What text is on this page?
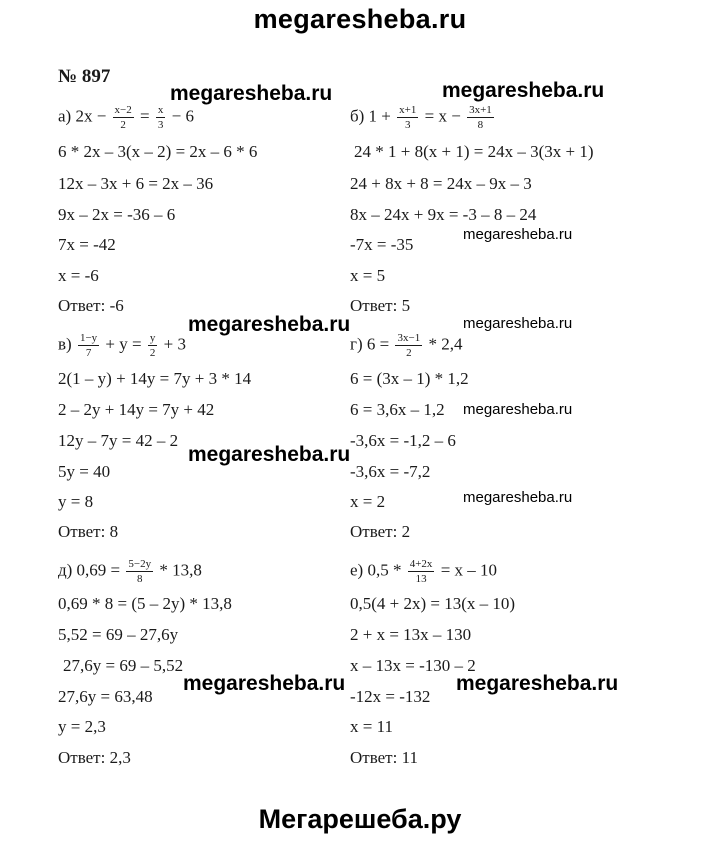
megaresheba.ru
Мегарешеба.ру
megaresheba.ru	megaresheba.ru
megaresheba.ru
megaresheba.ru	megaresheba.ru
megaresheba.ru
megaresheba.ru
megaresheba.ru
megaresheba.ru	megaresheba.ru
№ 897
а) $2x - \frac{x-2}{2} = \frac{x}{3} - 6$
6 * 2x – 3(x – 2) = 2x – 6 * 6
12x – 3x + 6 = 2x – 36
9x – 2x = -36 – 6
7x = -42
x = -6
Ответ: -6
б) $1 + \frac{x+1}{3} = x - \frac{3x+1}{8}$
24 * 1 + 8(x + 1) = 24x – 3(3x + 1)
24 + 8x + 8 = 24x – 9x – 3
8x – 24x + 9x = -3 – 8 – 24
-7x = -35
x = 5
Ответ: 5
$в) \frac{1-y}{7} + y = \frac{y}{2} + 3$
2(1 – y) + 14y = 7y + 3 * 14
2 – 2y + 14y = 7y + 42
12y – 7y = 42 – 2
5y = 40
y = 8
Ответ: 8
г) $6 = \frac{3x-1}{2} * 2,4$
6 = (3x – 1) * 1,2
6 = 3,6x – 1,2
-3,6x = -1,2 – 6
-3,6x = -7,2
x = 2
Ответ: 2
д) $0,69 = \frac{5-2y}{8} * 13,8$
0,69 * 8 = (5 – 2y) * 13,8
5,52 = 69 – 27,6y
27,6y = 69 – 5,52
27,6y = 63,48
y = 2,3
Ответ: 2,3
е) $0,5 * \frac{4+2x}{13} = x - 10$
0,5(4 + 2x) = 13(x – 10)
2 + x = 13x – 130
x – 13x = -130 – 2
-12x = -132
x = 11
Ответ: 11
